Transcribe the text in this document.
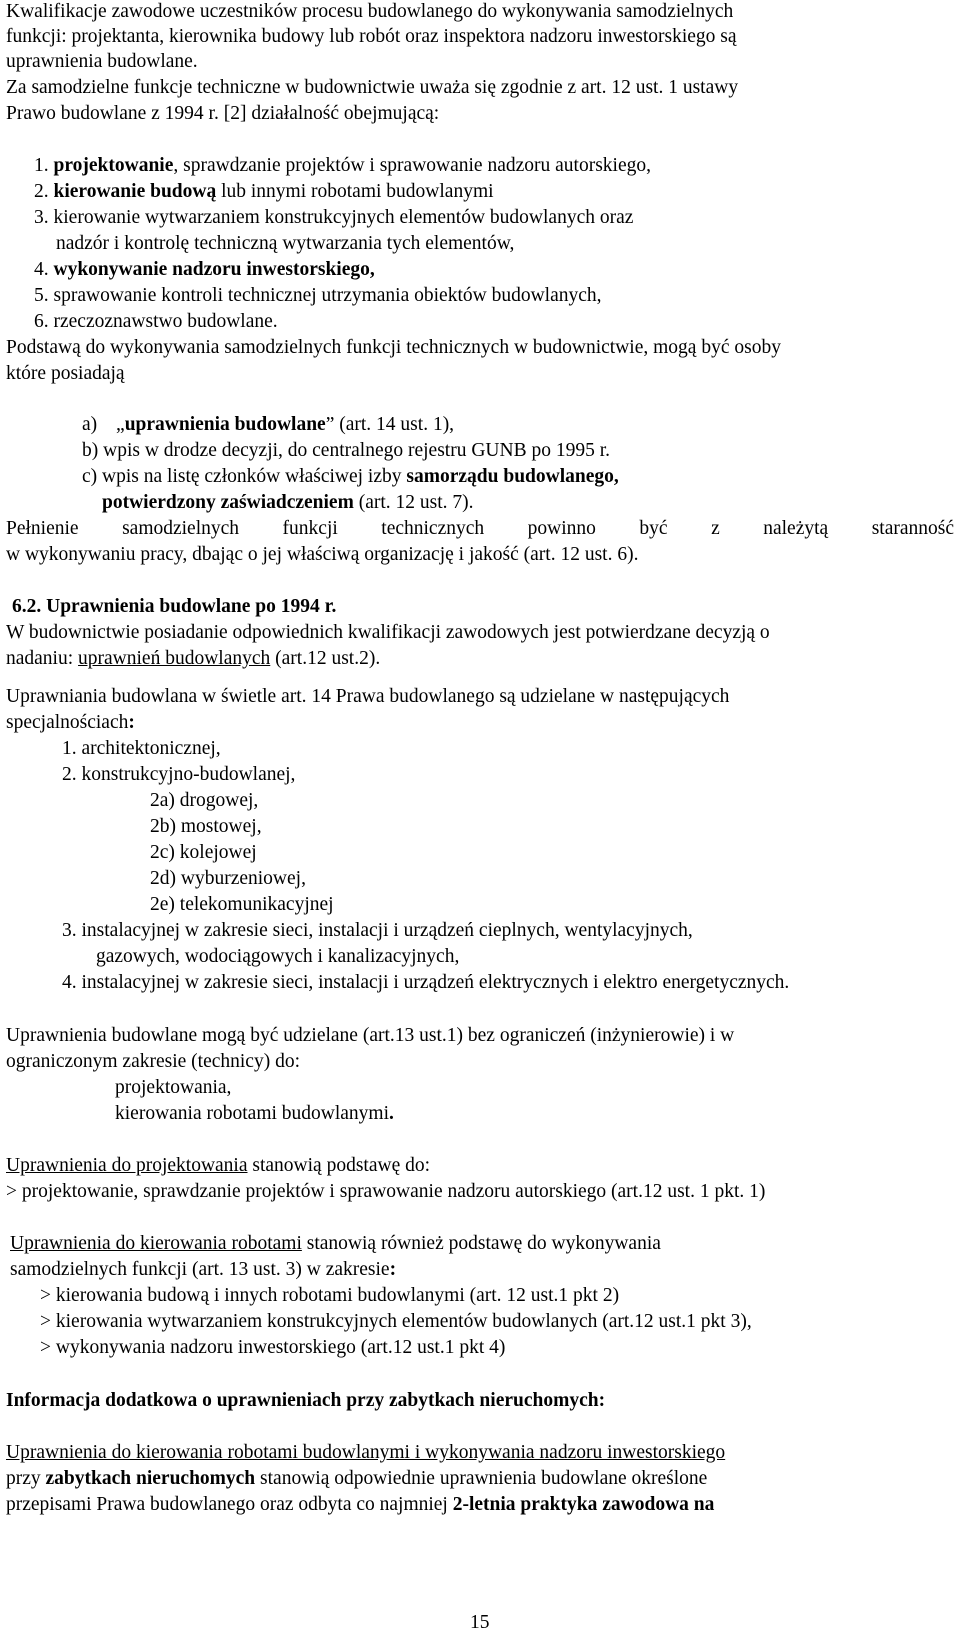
Kwalifikacje zawodowe uczestników procesu budowlanego do wykonywania samodzielnych
funkcji: projektanta, kierownika budowy lub robót oraz inspektora nadzoru inwestorskiego są
uprawnienia budowlane.
Za samodzielne funkcje techniczne w budownictwie uważa się zgodnie z art. 12 ust. 1 ustawy
Prawo budowlane z 1994 r. [2] działalność obejmującą:
1. projektowanie, sprawdzanie projektów i sprawowanie nadzoru autorskiego,
2. kierowanie budową lub innymi robotami budowlanymi
3. kierowanie wytwarzaniem konstrukcyjnych elementów budowlanych oraz
nadzór i kontrolę techniczną wytwarzania tych elementów,
4. wykonywanie nadzoru inwestorskiego,
5. sprawowanie kontroli technicznej utrzymania obiektów budowlanych,
6. rzeczoznawstwo budowlane.
Podstawą do wykonywania samodzielnych funkcji technicznych w budownictwie, mogą być osoby
które posiadają
a) „uprawnienia budowlane” (art. 14 ust. 1),
b) wpis w drodze decyzji, do centralnego rejestru GUNB po 1995 r.
c) wpis na listę członków właściwej izby samorządu budowlanego,
potwierdzony zaświadczeniem (art. 12 ust. 7).
Pełnienie samodzielnych funkcji technicznych powinno być z należytą staranność
w wykonywaniu pracy, dbając o jej właściwą organizację i jakość (art. 12 ust. 6).
6.2. Uprawnienia budowlane po 1994 r.
W budownictwie posiadanie odpowiednich kwalifikacji zawodowych jest potwierdzane decyzją o
nadaniu: uprawnień budowlanych (art.12 ust.2).
Uprawniania budowlana w świetle art. 14 Prawa budowlanego są udzielane w następujących
specjalnościach:
1. architektonicznej,
2. konstrukcyjno-budowlanej,
2a) drogowej,
2b) mostowej,
2c) kolejowej
2d) wyburzeniowej,
2e) telekomunikacyjnej
3. instalacyjnej w zakresie sieci, instalacji i urządzeń cieplnych, wentylacyjnych,
gazowych, wodociągowych i kanalizacyjnych,
4. instalacyjnej w zakresie sieci, instalacji i urządzeń elektrycznych i elektro energetycznych.
Uprawnienia budowlane mogą być udzielane (art.13 ust.1) bez ograniczeń (inżynierowie) i w
ograniczonym zakresie (technicy) do:
projektowania,
kierowania robotami budowlanymi.
Uprawnienia do projektowania stanowią podstawę do:
> projektowanie, sprawdzanie projektów i sprawowanie nadzoru autorskiego (art.12 ust. 1 pkt. 1)
Uprawnienia do kierowania robotami stanowią również podstawę do wykonywania
samodzielnych funkcji (art. 13 ust. 3) w zakresie:
> kierowania budową i innych robotami budowlanymi (art. 12 ust.1 pkt 2)
> kierowania wytwarzaniem konstrukcyjnych elementów budowlanych (art.12 ust.1 pkt 3),
> wykonywania nadzoru inwestorskiego (art.12 ust.1 pkt 4)
Informacja dodatkowa o uprawnieniach przy zabytkach nieruchomych:
Uprawnienia do kierowania robotami budowlanymi i wykonywania nadzoru inwestorskiego
przy zabytkach nieruchomych stanowią odpowiednie uprawnienia budowlane określone
przepisami Prawa budowlanego oraz odbyta co najmniej 2-letnia praktyka zawodowa na
15
